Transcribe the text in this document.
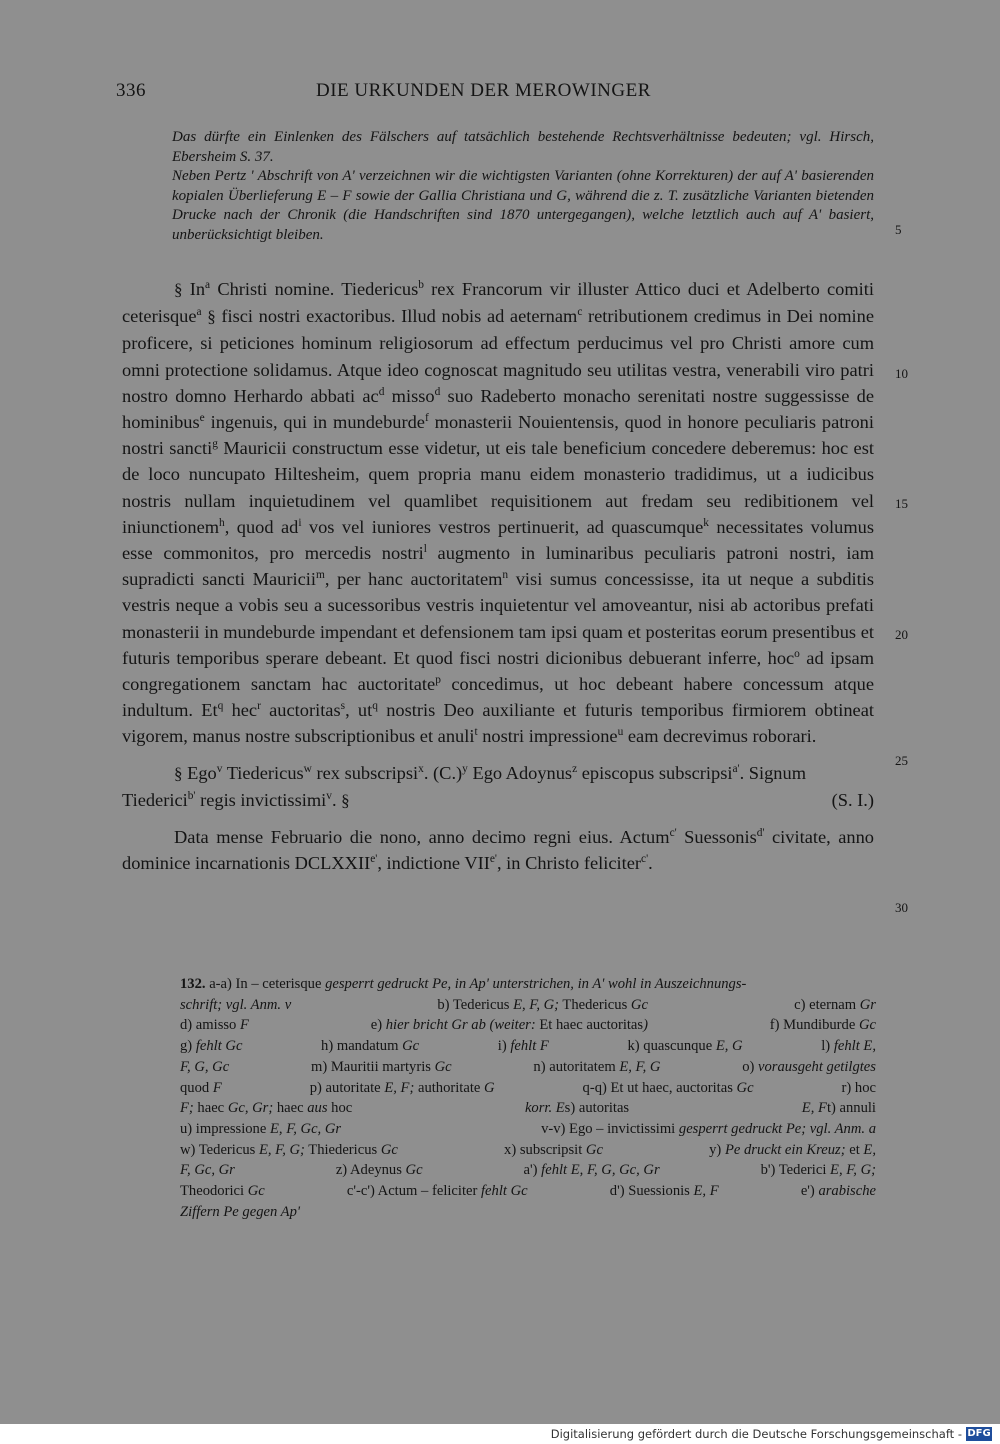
336	DIE URKUNDEN DER MEROWINGER

Das dürfte ein Einlenken des Fälschers auf tatsächlich bestehende Rechtsverhältnisse bedeuten; vgl. Hirsch, Ebersheim S. 37.

Neben Pertz ' Abschrift von A' verzeichnen wir die wichtigsten Varianten (ohne Korrekturen) der auf A' basierenden kopialen Überlieferung E – F sowie der Gallia Christiana und G, während die z. T. zusätzliche Varianten bietenden Drucke nach der Chronik (die Handschriften sind 1870 untergegangen), welche letztlich auch auf A' basiert, unberücksichtigt bleiben.

§ In$^a$ Christi nomine. Tiedericus$^b$ rex Francorum vir illuster Attico duci et Adelberto comiti ceterisque$^a$ § fisci nostri exactoribus. Illud nobis ad aeternam$^c$ retributionem credimus in Dei nomine proficere, si peticiones hominum religiosorum ad effectum perducimus vel pro Christi amore cum omni protectione solidamus. Atque ideo cognoscat magnitudo seu utilitas vestra, venerabili viro patri nostro domno Herhardo abbati $ac^d$ misso$^d$ suo Radeberto monacho serenitati nostre suggessisse de hominibus$^e$ ingenuis, qui in mundeburde$^f$ monasterii Nouientensis, quod in honore peculiaris patroni nostri sancti$^g$ Mauricii constructum esse videtur, ut eis tale beneficium concedere deberemus: hoc est de loco nuncupato Hiltesheim, quem propria manu eidem monasterio tradidimus, ut a iudicibus nostris nullam inquietudinem vel quamlibet requisitionem aut fredam seu redibitionem vel iniunctionem$^h$, quod $ad^i$ vos vel iuniores vestros pertinuerit, ad quascumque$^k$ necessitates volumus esse commonitos, pro mercedis nostri$^l$ augmento in luminaribus peculiaris patroni nostri, iam supradicti sancti Mauricii$^m$, per hanc auctoritatem$^n$ visi sumus concessisse, ita ut neque a subditis vestris neque a vobis seu a sucessoribus vestris inquietentur vel amoveantur, nisi ab actoribus prefati monasterii in mundeburde impendant et defensionem tam ipsi quam et posteritas eorum presentibus et futuris temporibus sperare debeant. Et quod fisci nostri dicionibus debuerant inferre, hoc$^o$ ad ipsam congregationem sanctam hac auctoritate$^p$ concedimus, ut hoc debeant habere concessum atque indultum. Et$^q$ hec$^r$ auctoritas$^s$, $ut^q$ nostris Deo auxiliante et futuris temporibus firmiorem obtineat vigorem, manus nostre subscriptionibus et anuli$^t$ nostri impressione$^u$ eam decrevimus roborari.

§ Ego$^v$ Tiedericus$^w$ rex subscripsi$^x$. $(C.)^y$ Ego Adoynus$^z$ episcopus subscripsi$^{a'}$. Signum

Tiederici$^{b'}$ regis invictissimi$^v$. §	(S. I.)

Data mense Februario die nono, anno decimo regni eius. Actum$^{c'}$ Suessonis$^{d'}$ civitate, anno dominice incarnationis $DCLXXII^{e'}$, indictione $VII^{e'}$, in Christo feliciter$^{c'}$.

5
10
15
20
25
30
132. a-a) In – ceterisque gesperrt gedruckt Pe, in Ap' unterstrichen, in A' wohl in Auszeichnungs-
schrift; vgl. Anm. v	b) Tedericus E, F, G; Thedericus Gc	c) eternam Gr
d) amisso F	e) hier bricht Gr ab (weiter: Et haec auctoritas)	f) Mundiburde Gc
g) fehlt Gc	h) mandatum Gc	i) fehlt F	k) quascunque E, G	l) fehlt E,
F, G, Gc	m) Mauritii martyris Gc	n) autoritatem E, F, G	o) vorausgeht getilgtes
quod F	p) autoritate E, F; authoritate G	q-q) Et ut haec, auctoritas Gc	r) hoc
F; haec Gc, Gr; haec aus hoc	korr. Es) autoritas	E, Ft) annuli
u) impressione E, F, Gc, Gr	v-v) Ego – invictissimi gesperrt gedruckt Pe; vgl. Anm. a
w) Tedericus E, F, G; Thiedericus Gc	x) subscripsit Gc	y) Pe druckt ein Kreuz; et E,
F, Gc, Gr	z) Adeynus Gc	a') fehlt E, F, G, Gc, Gr	b') Tederici E, F, G;
Theodorici Gc	c'-c') Actum – feliciter fehlt Gc	d') Suessionis E, F	e') arabische
Ziffern Pe gegen Ap'
Digitalisierung gefördert durch die Deutsche Forschungsgemeinschaft - DFG
